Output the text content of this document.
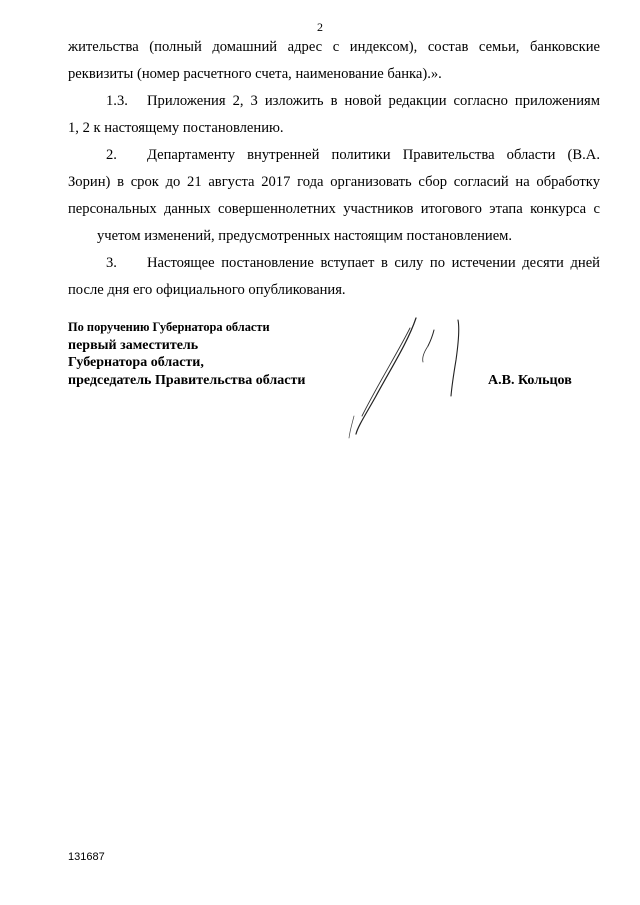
2
жительства (полный домашний адрес с индексом), состав семьи, банковские
реквизиты (номер расчетного счета, наименование банка).».
1.3. Приложения 2, 3 изложить в новой редакции согласно приложениям
1, 2 к настоящему постановлению.
2. Департаменту внутренней политики Правительства области (В.А.
Зорин) в срок до 21 августа 2017 года организовать сбор согласий на обработку
персональных данных совершеннолетних участников итогового этапа конкурса с
учетом изменений, предусмотренных настоящим постановлением.
3. Настоящее постановление вступает в силу по истечении десяти дней
после дня его официального опубликования.
По поручению Губернатора области
первый заместитель
Губернатора области,
председатель Правительства области	А.В. Кольцов
131687
